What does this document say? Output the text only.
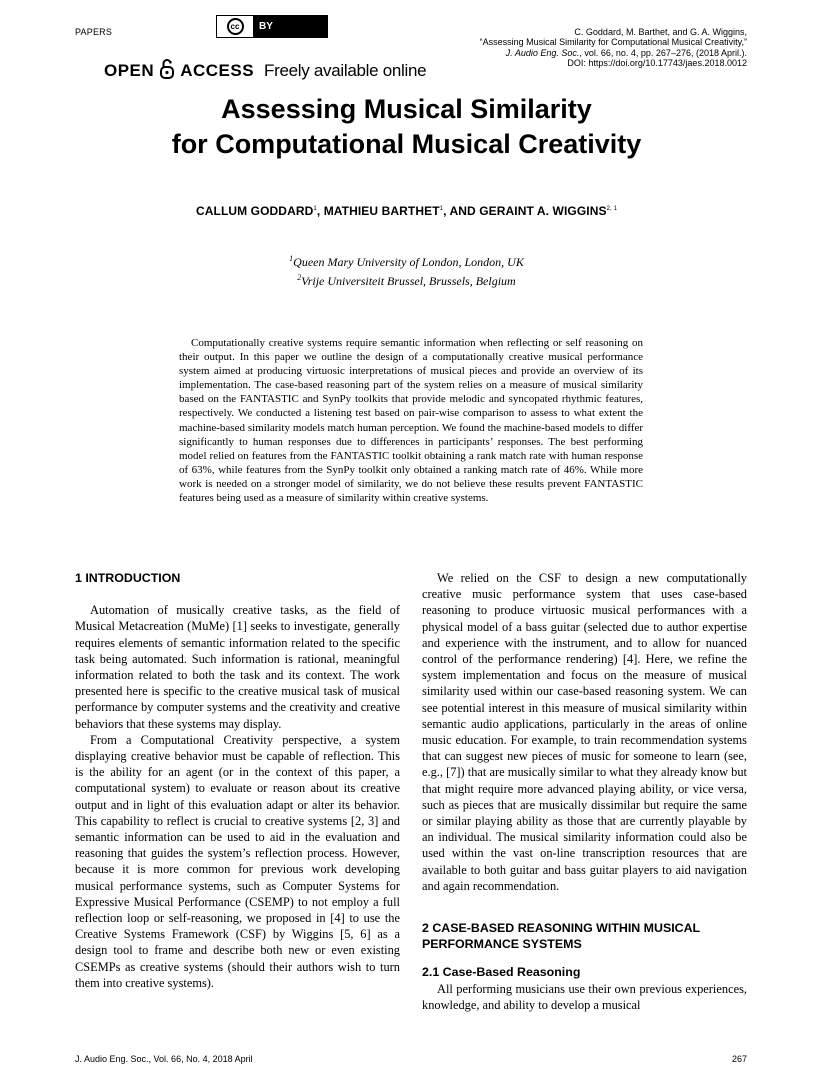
PAPERS
cc	BY
OPEN ACCESS Freely available online
C. Goddard, M. Barthet, and G. A. Wiggins,
“Assessing Musical Similarity for Computational Musical Creativity,”
J. Audio Eng. Soc., vol. 66, no. 4, pp. 267–276, (2018 April.).
DOI: https://doi.org/10.17743/jaes.2018.0012
Assessing Musical Similarity
for Computational Musical Creativity
CALLUM GODDARD$^1$, MATHIEU BARTHET$^1$, AND GERAINT A. WIGGINS$^{2, 1}$
$^1$Queen Mary University of London, London, UK
$^2$Vrije Universiteit Brussel, Brussels, Belgium
Computationally creative systems require semantic information when reflecting or self reasoning on their output. In this paper we outline the design of a computationally creative musical performance system aimed at producing virtuosic interpretations of musical pieces and provide an overview of its implementation. The case-based reasoning part of the system relies on a measure of musical similarity based on the FANTASTIC and SynPy toolkits that provide melodic and syncopated rhythmic features, respectively. We conducted a listening test based on pair-wise comparison to assess to what extent the machine-based similarity models match human perception. We found the machine-based models to differ significantly to human responses due to differences in participants’ responses. The best performing model relied on features from the FANTASTIC toolkit obtaining a rank match rate with human response of 63%, while features from the SynPy toolkit only obtained a ranking match rate of 46%. While more work is needed on a stronger model of similarity, we do not believe these results prevent FANTASTIC features being used as a measure of similarity within creative systems.
1 INTRODUCTION

Automation of musically creative tasks, as the field of Musical Metacreation (MuMe) [1] seeks to investigate, generally requires elements of semantic information related to the specific task being automated. Such information is rational, meaningful information related to both the task and its context. The work presented here is specific to the creative musical task of musical performance by computer systems and the creativity and creative behaviors that these systems may display.

From a Computational Creativity perspective, a system displaying creative behavior must be capable of reflection. This is the ability for an agent (or in the context of this paper, a computational system) to evaluate or reason about its creative output and in light of this evaluation adapt or alter its behavior. This capability to reflect is crucial to creative systems [2, 3] and semantic information can be used to aid in the evaluation and reasoning that guides the system’s reflection process. However, because it is more common for previous work developing musical performance systems, such as Computer Systems for Expressive Musical Performance (CSEMP) to not employ a full reflection loop or self-reasoning, we proposed in [4] to use the Creative Systems Framework (CSF) by Wiggins [5, 6] as a design tool to frame and describe both new or even existing CSEMPs as creative systems (should their authors wish to turn them into creative systems).

We relied on the CSF to design a new computationally creative music performance system that uses case-based reasoning to produce virtuosic musical performances with a physical model of a bass guitar (selected due to author expertise and experience with the instrument, and to allow for nuanced control of the performance rendering) [4]. Here, we refine the system implementation and focus on the measure of musical similarity used within our case-based reasoning system. We can see potential interest in this measure of musical similarity within semantic audio applications, particularly in the areas of online music education. For example, to train recommendation systems that can suggest new pieces of music for someone to learn (see, e.g., [7]) that are musically similar to what they already know but that might require more advanced playing ability, or vice versa, such as pieces that are musically dissimilar but require the same or similar playing ability as those that are currently playable by an individual. The musical similarity information could also be used within the vast on-line transcription resources that are available to both guitar and bass guitar players to aid navigation and again recommendation.

2 CASE-BASED REASONING WITHIN MUSICAL PERFORMANCE SYSTEMS
2.1 Case-Based Reasoning

All performing musicians use their own previous experiences, knowledge, and ability to develop a musical

J. Audio Eng. Soc., Vol. 66, No. 4, 2018 April	267
